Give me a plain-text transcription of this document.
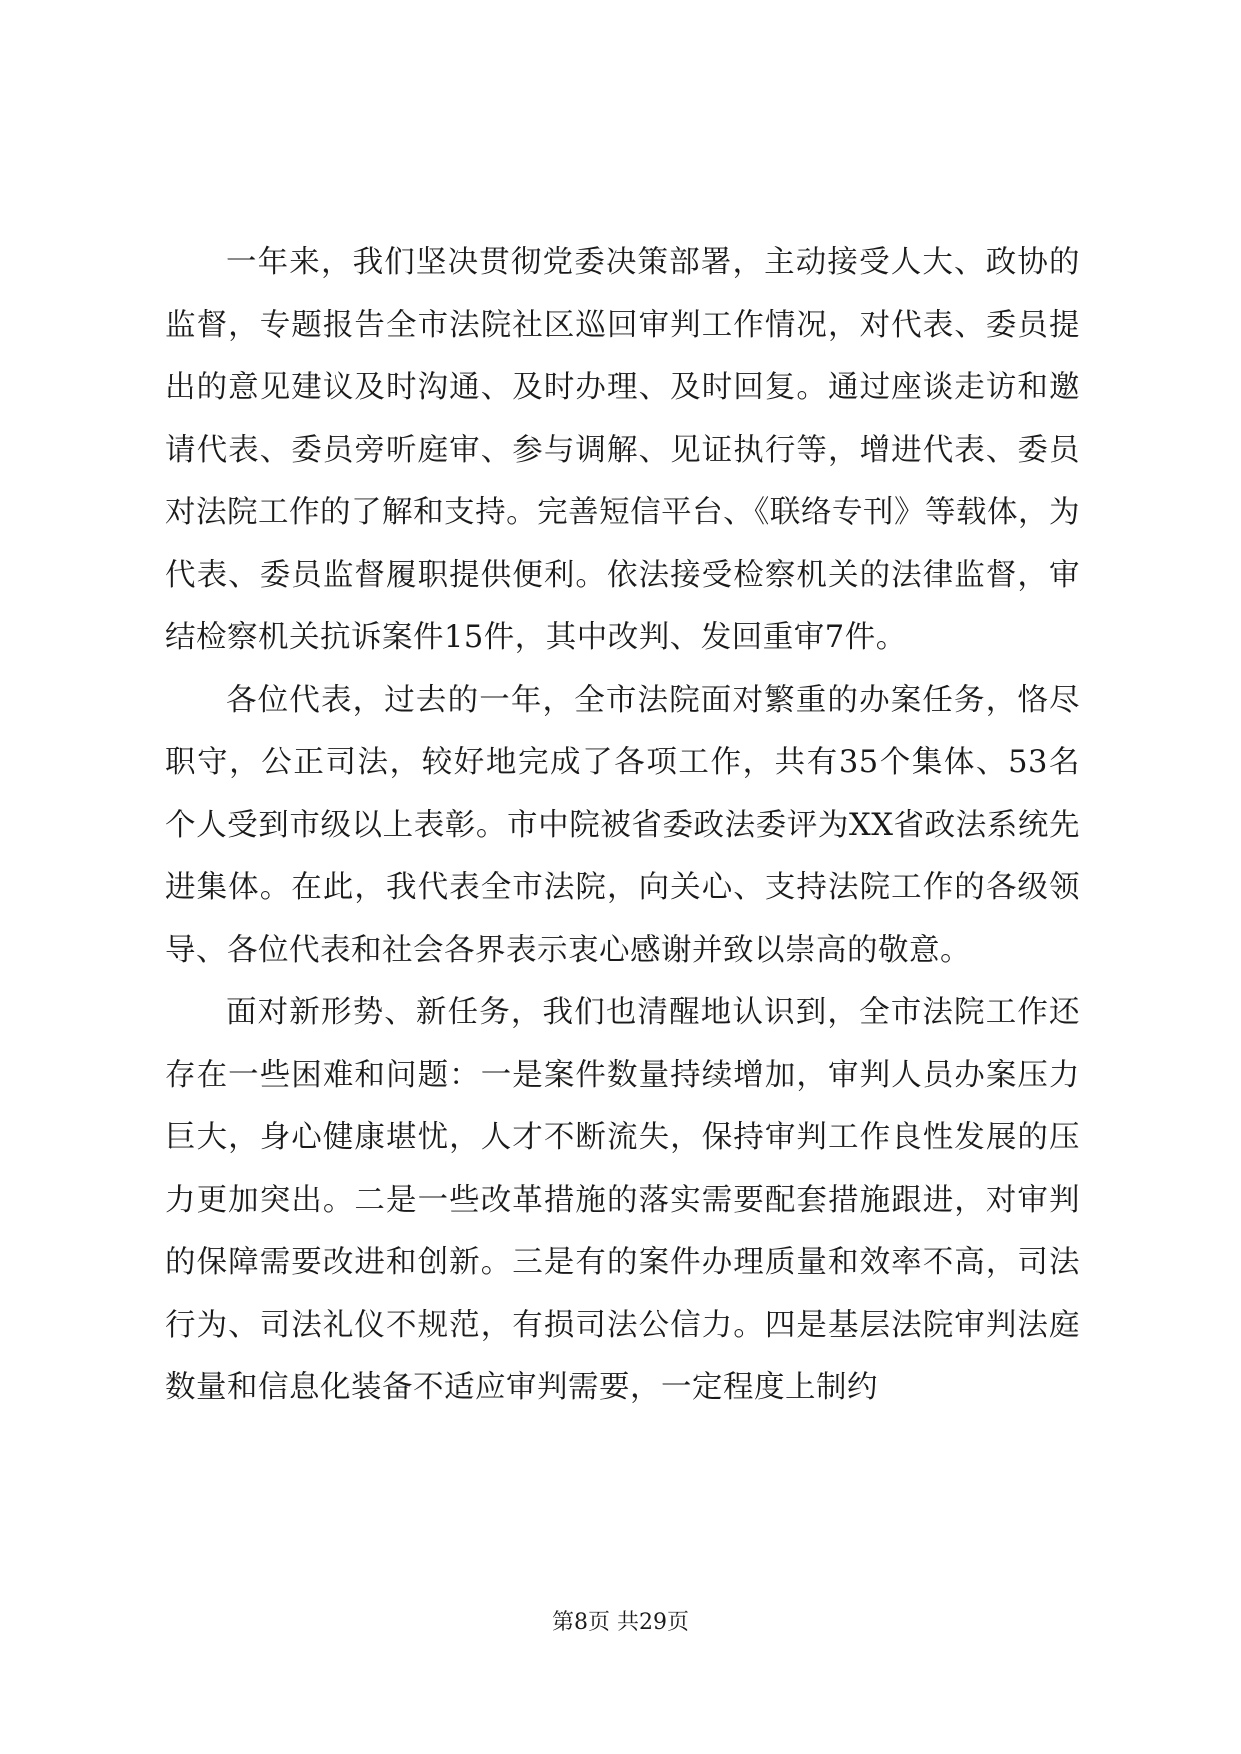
一年来，我们坚决贯彻党委决策部署，主动接受人大、政协的监督，专题报告全市法院社区巡回审判工作情况，对代表、委员提出的意见建议及时沟通、及时办理、及时回复。通过座谈走访和邀请代表、委员旁听庭审、参与调解、见证执行等，增进代表、委员对法院工作的了解和支持。完善短信平台、《联络专刊》等载体，为代表、委员监督履职提供便利。依法接受检察机关的法律监督，审结检察机关抗诉案件15件，其中改判、发回重审7件。

各位代表，过去的一年，全市法院面对繁重的办案任务，恪尽职守，公正司法，较好地完成了各项工作，共有35个集体、53名个人受到市级以上表彰。市中院被省委政法委评为XX省政法系统先进集体。在此，我代表全市法院，向关心、支持法院工作的各级领导、各位代表和社会各界表示衷心感谢并致以崇高的敬意。

面对新形势、新任务，我们也清醒地认识到，全市法院工作还存在一些困难和问题：一是案件数量持续增加，审判人员办案压力巨大，身心健康堪忧，人才不断流失，保持审判工作良性发展的压力更加突出。二是一些改革措施的落实需要配套措施跟进，对审判的保障需要改进和创新。三是有的案件办理质量和效率不高，司法行为、司法礼仪不规范，有损司法公信力。四是基层法院审判法庭数量和信息化装备不适应审判需要，一定程度上制约

第8页 共29页
